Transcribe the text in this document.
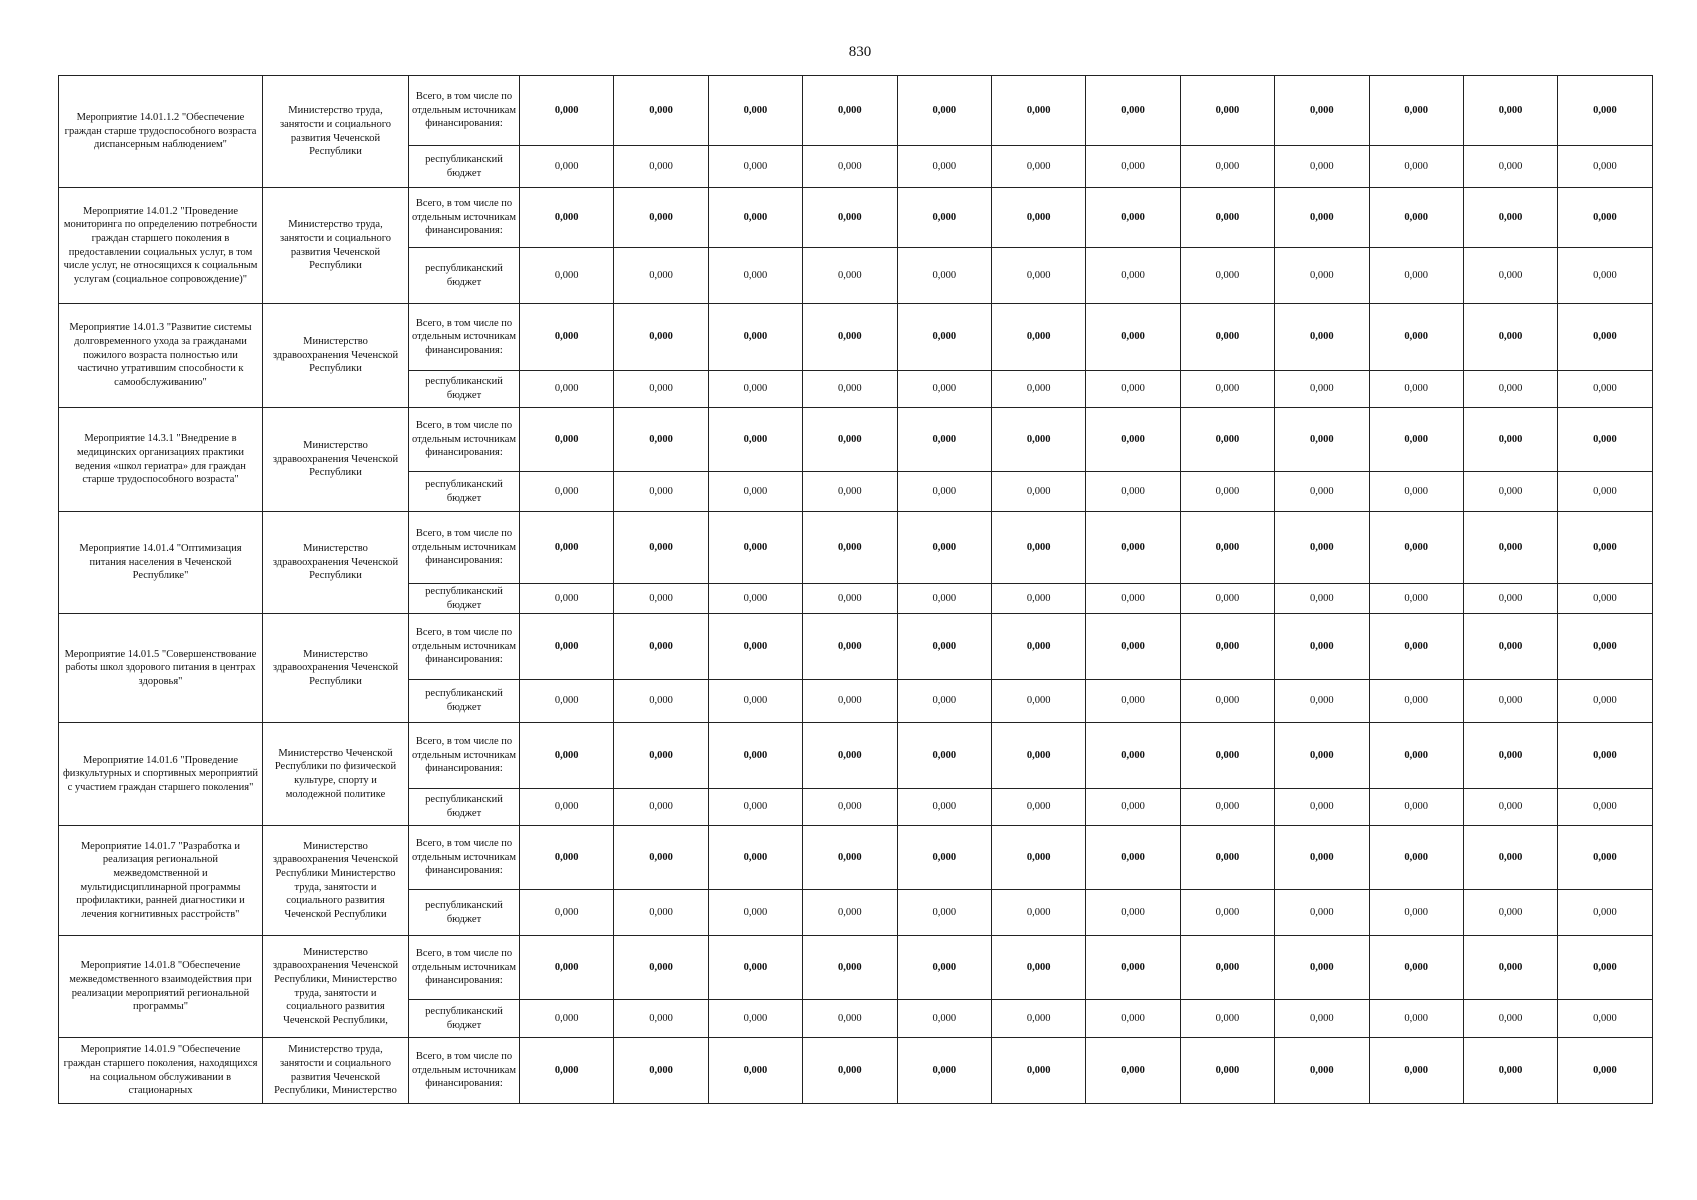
830
Мероприятие 14.01.1.2 "Обеспечение граждан старше трудоспособного возраста диспансерным наблюдением"	Министерство труда, занятости и социального развития Чеченской Республики	Всего, в том числе по отдельным источникам финансирования:	0,000	0,000	0,000	0,000	0,000	0,000	0,000	0,000	0,000	0,000	0,000	0,000
		республиканский бюджет	0,000	0,000	0,000	0,000	0,000	0,000	0,000	0,000	0,000	0,000	0,000	0,000
Мероприятие 14.01.2 "Проведение мониторинга по определению потребности граждан старшего поколения в предоставлении социальных услуг, в том числе услуг, не относящихся к социальным услугам (социальное сопровождение)"	Министерство труда, занятости и социального развития Чеченской Республики	Всего, в том числе по отдельным источникам финансирования:	0,000	0,000	0,000	0,000	0,000	0,000	0,000	0,000	0,000	0,000	0,000	0,000
		республиканский бюджет	0,000	0,000	0,000	0,000	0,000	0,000	0,000	0,000	0,000	0,000	0,000	0,000
Мероприятие 14.01.3 "Развитие системы долговременного ухода за гражданами пожилого возраста полностью или частично утратившим способности к самообслуживанию"	Министерство здравоохранения Чеченской Республики	Всего, в том числе по отдельным источникам финансирования:	0,000	0,000	0,000	0,000	0,000	0,000	0,000	0,000	0,000	0,000	0,000	0,000
		республиканский бюджет	0,000	0,000	0,000	0,000	0,000	0,000	0,000	0,000	0,000	0,000	0,000	0,000
Мероприятие 14.3.1 "Внедрение в медицинских организациях практики ведения «школ гериатра» для граждан старше трудоспособного возраста"	Министерство здравоохранения Чеченской Республики	Всего, в том числе по отдельным источникам финансирования:	0,000	0,000	0,000	0,000	0,000	0,000	0,000	0,000	0,000	0,000	0,000	0,000
		республиканский бюджет	0,000	0,000	0,000	0,000	0,000	0,000	0,000	0,000	0,000	0,000	0,000	0,000
Мероприятие 14.01.4 "Оптимизация питания населения в Чеченской Республике"	Министерство здравоохранения Чеченской Республики	Всего, в том числе по отдельным источникам финансирования:	0,000	0,000	0,000	0,000	0,000	0,000	0,000	0,000	0,000	0,000	0,000	0,000
		республиканский бюджет	0,000	0,000	0,000	0,000	0,000	0,000	0,000	0,000	0,000	0,000	0,000	0,000
Мероприятие 14.01.5 "Совершенствование работы школ здорового питания в центрах здоровья"	Министерство здравоохранения Чеченской Республики	Всего, в том числе по отдельным источникам финансирования:	0,000	0,000	0,000	0,000	0,000	0,000	0,000	0,000	0,000	0,000	0,000	0,000
		республиканский бюджет	0,000	0,000	0,000	0,000	0,000	0,000	0,000	0,000	0,000	0,000	0,000	0,000
Мероприятие 14.01.6 "Проведение физкультурных и спортивных мероприятий с участием граждан старшего поколения"	Министерство Чеченской Республики по физической культуре, спорту и молодежной политике	Всего, в том числе по отдельным источникам финансирования:	0,000	0,000	0,000	0,000	0,000	0,000	0,000	0,000	0,000	0,000	0,000	0,000
		республиканский бюджет	0,000	0,000	0,000	0,000	0,000	0,000	0,000	0,000	0,000	0,000	0,000	0,000
Мероприятие 14.01.7 "Разработка и реализация региональной межведомственной и мультидисциплинарной программы профилактики, ранней диагностики и лечения когнитивных расстройств"	Министерство здравоохранения Чеченской Республики Министерство труда, занятости и социального развития Чеченской Республики	Всего, в том числе по отдельным источникам финансирования:	0,000	0,000	0,000	0,000	0,000	0,000	0,000	0,000	0,000	0,000	0,000	0,000
		республиканский бюджет	0,000	0,000	0,000	0,000	0,000	0,000	0,000	0,000	0,000	0,000	0,000	0,000
Мероприятие 14.01.8 "Обеспечение межведомственного взаимодействия при реализации мероприятий региональной программы"	Министерство здравоохранения Чеченской Республики, Министерство труда, занятости и социального развития Чеченской Республики,	Всего, в том числе по отдельным источникам финансирования:	0,000	0,000	0,000	0,000	0,000	0,000	0,000	0,000	0,000	0,000	0,000	0,000
		республиканский бюджет	0,000	0,000	0,000	0,000	0,000	0,000	0,000	0,000	0,000	0,000	0,000	0,000
Мероприятие 14.01.9 "Обеспечение граждан старшего поколения, находящихся на социальном обслуживании в стационарных	Министерство труда, занятости и социального развития Чеченской Республики, Министерство	Всего, в том числе по отдельным источникам финансирования:	0,000	0,000	0,000	0,000	0,000	0,000	0,000	0,000	0,000	0,000	0,000	0,000
